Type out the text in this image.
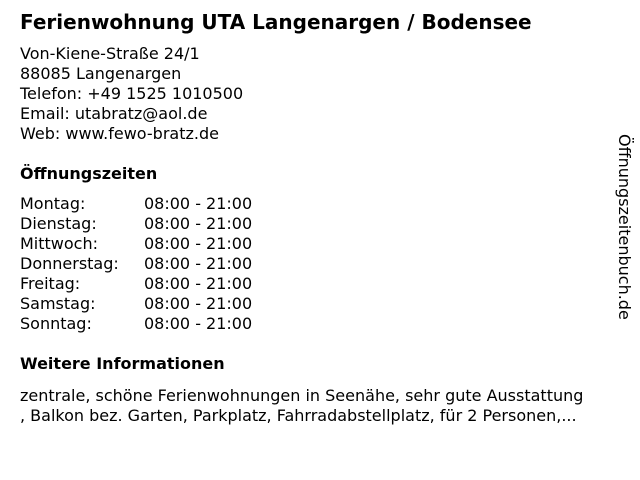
Ferienwohnung UTA Langenargen / Bodensee
Von-Kiene-Straße 24/1
88085 Langenargen
Telefon: +49 1525 1010500
Email: utabratz@aol.de
Web: www.fewo-bratz.de
Öffnungszeiten
Montag:	08:00 - 21:00
Dienstag:	08:00 - 21:00
Mittwoch:	08:00 - 21:00
Donnerstag: 08:00 - 21:00
Freitag:	08:00 - 21:00
Samstag:	08:00 - 21:00
Sonntag:	08:00 - 21:00
Weitere Informationen
zentrale, schöne Ferienwohnungen in Seenähe, sehr gute Ausstattung
, Balkon bez. Garten, Parkplatz, Fahrradabstellplatz, für 2 Personen,...
Öffnungszeitenbuch.de
